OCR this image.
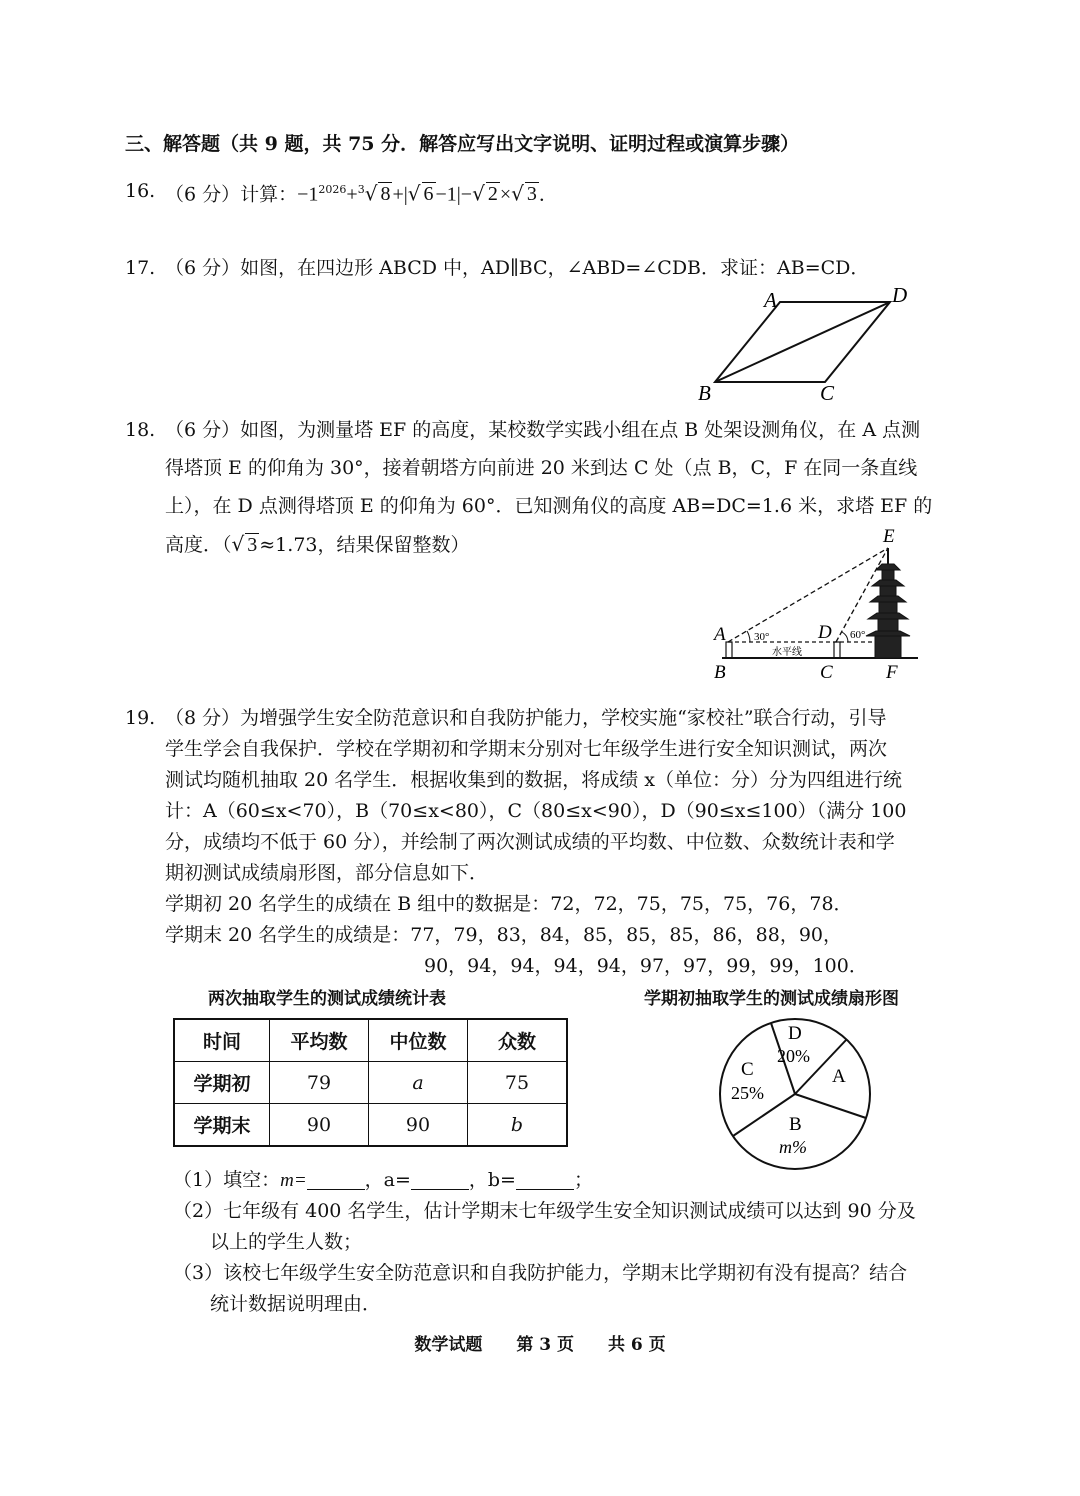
三、解答题（共 9 题，共 75 分．解答应写出文字说明、证明过程或演算步骤）
16. （6 分）计算：$-1^{2026}+^3√$ 8 +|√ 6 −1|−√ 2 ×√ 3 ．
17. （6 分）如图，在四边形 ABCD 中，AD∥BC，∠ABD=∠CDB．求证：AB=CD．
A	D
B	C
18. （6 分）如图，为测量塔 EF 的高度，某校数学实践小组在点 B 处架设测角仪，在 A 点测
得塔顶 E 的仰角为 30°，接着朝塔方向前进 20 米到达 C 处（点 B，C，F 在同一条直线
上），在 D 点测得塔顶 E 的仰角为 60°．已知测角仪的高度 AB=DC=1.6 米，求塔 EF 的
高度．（√ 3 ≈1.73，结果保留整数）	E
A	D
B	C	F
30°	60°
水平线
19. （8 分）为增强学生安全防范意识和自我防护能力，学校实施“家校社”联合行动，引导
学生学会自我保护．学校在学期初和学期末分别对七年级学生进行安全知识测试，两次
测试均随机抽取 20 名学生．根据收集到的数据，将成绩 x（单位：分）分为四组进行统
计：A（60≤x<70），B（70≤x<80），C（80≤x<90），D（90≤x≤100）（满分 100
分，成绩均不低于 60 分），并绘制了两次测试成绩的平均数、中位数、众数统计表和学
期初测试成绩扇形图，部分信息如下．
学期初 20 名学生的成绩在 B 组中的数据是：72，72，75，75，75，76，78．
学期末 20 名学生的成绩是：77，79，83，84，85，85，85，86，88，90，
90，94，94，94，94，97，97，99，99，100．
两次抽取学生的测试成绩统计表
时间	平均数	中位数	众数
学期初	79	a	75
学期末	90	90	b
学期初抽取学生的测试成绩扇形图
D
20%
C
25%
A
B
m%
（1）填空：m=	，a=	，b=	；
（2）七年级有 400 名学生，估计学期末七年级学生安全知识测试成绩可以达到 90 分及
以上的学生人数；
（3）该校七年级学生安全防范意识和自我防护能力，学期末比学期初有没有提高？结合
统计数据说明理由．
数学试题　　第 3 页　　共 6 页
